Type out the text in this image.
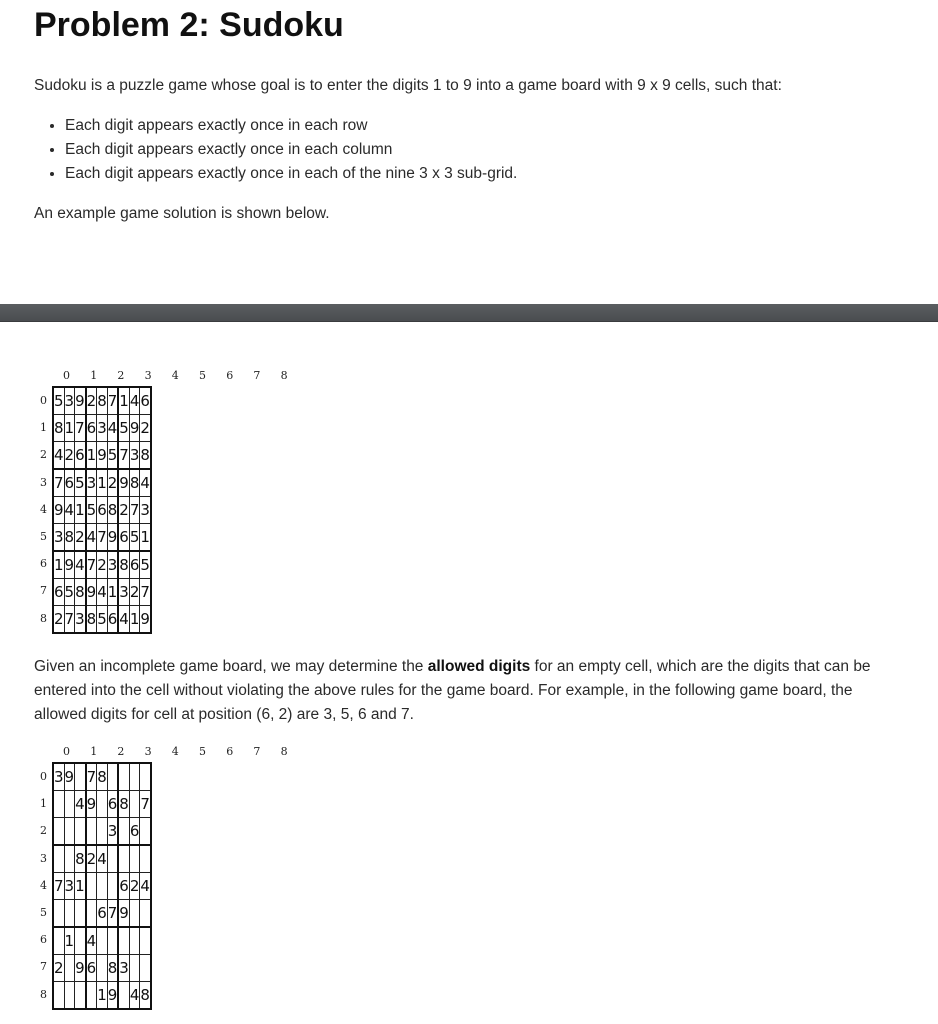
Problem 2: Sudoku

Sudoku is a puzzle game whose goal is to enter the digits 1 to 9 into a game board with 9 x 9 cells, such that:

• Each digit appears exactly once in each row
• Each digit appears exactly once in each column
• Each digit appears exactly once in each of the nine 3 x 3 sub-grid.

An example game solution is shown below.

0	1	2	3	4	5	6	7	8
0
1
2
3
4
5
6
7
8
5	3	9	2	8	7	1	4	6
8	1	7	6	3	4	5	9	2
4	2	6	1	9	5	7	3	8
7	6	5	3	1	2	9	8	4
9	4	1	5	6	8	2	7	3
3	8	2	4	7	9	6	5	1
1	9	4	7	2	3	8	6	5
6	5	8	9	4	1	3	2	7
2	7	3	8	5	6	4	1	9

Given an incomplete game board, we may determine the allowed digits for an empty cell, which are the digits that can be entered into the cell without violating the above rules for the game board. For example, in the following game board, the allowed digits for cell at position (6, 2) are 3, 5, 6 and 7.

0	1	2	3	4	5	6	7	8
0
1
2
3
4
5
6
7
8
3	9		7	8				
		4	9		6	8		7
					3		6	
		8	2	4				
7	3	1				6	2	4
				6	7	9		
	1		4					
2		9	6		8	3		
				1	9		4	8
